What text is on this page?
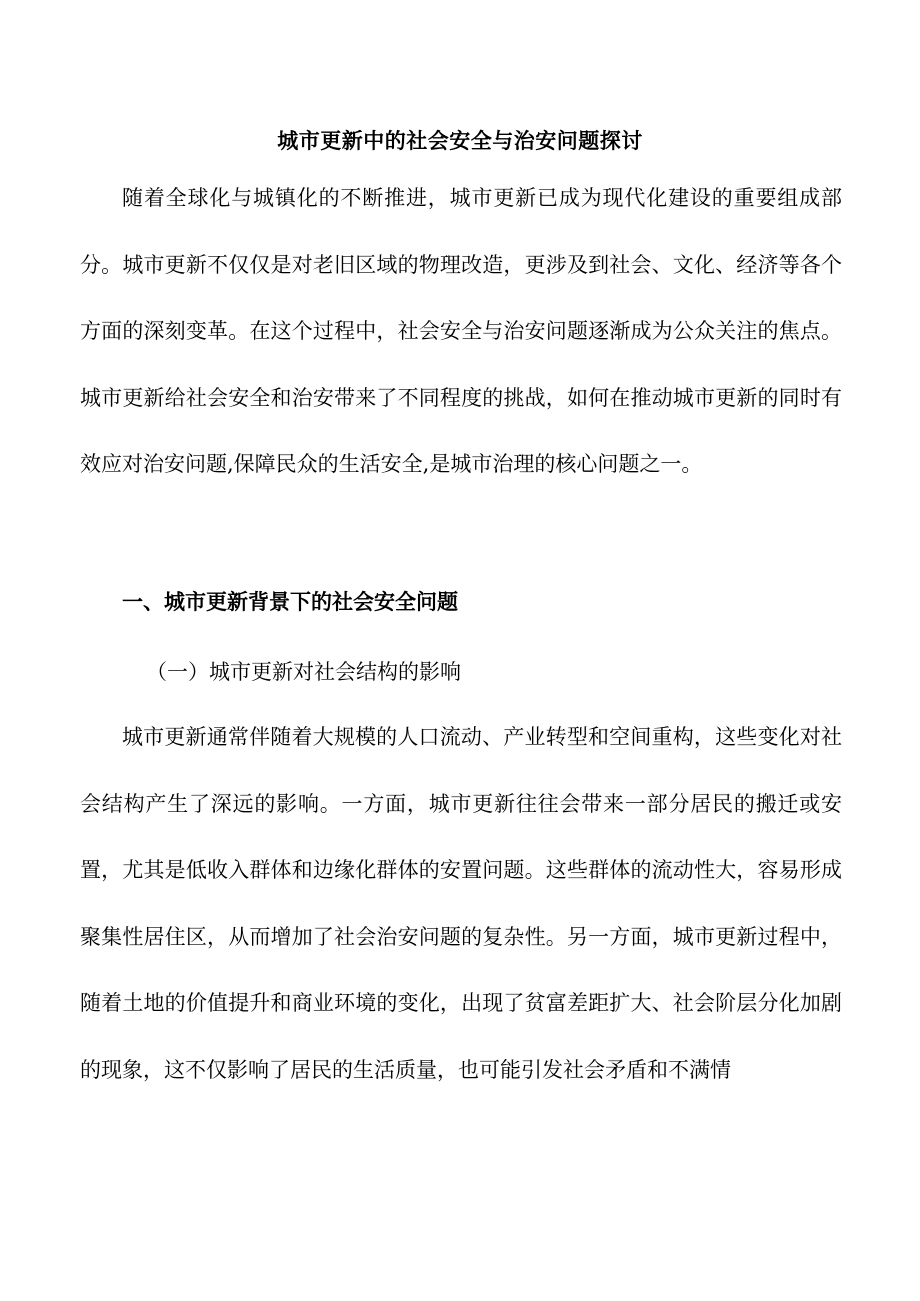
城市更新中的社会安全与治安问题探讨

随着全球化与城镇化的不断推进，城市更新已成为现代化建设的重要组成部分。城市更新不仅仅是对老旧区域的物理改造，更涉及到社会、文化、经济等各个方面的深刻变革。在这个过程中，社会安全与治安问题逐渐成为公众关注的焦点。城市更新给社会安全和治安带来了不同程度的挑战，如何在推动城市更新的同时有效应对治安问题,保障民众的生活安全,是城市治理的核心问题之一。

一、城市更新背景下的社会安全问题
（一）城市更新对社会结构的影响

城市更新通常伴随着大规模的人口流动、产业转型和空间重构，这些变化对社会结构产生了深远的影响。一方面，城市更新往往会带来一部分居民的搬迁或安置，尤其是低收入群体和边缘化群体的安置问题。这些群体的流动性大，容易形成聚集性居住区，从而增加了社会治安问题的复杂性。另一方面，城市更新过程中，随着土地的价值提升和商业环境的变化，出现了贫富差距扩大、社会阶层分化加剧的现象，这不仅影响了居民的生活质量，也可能引发社会矛盾和不满情
